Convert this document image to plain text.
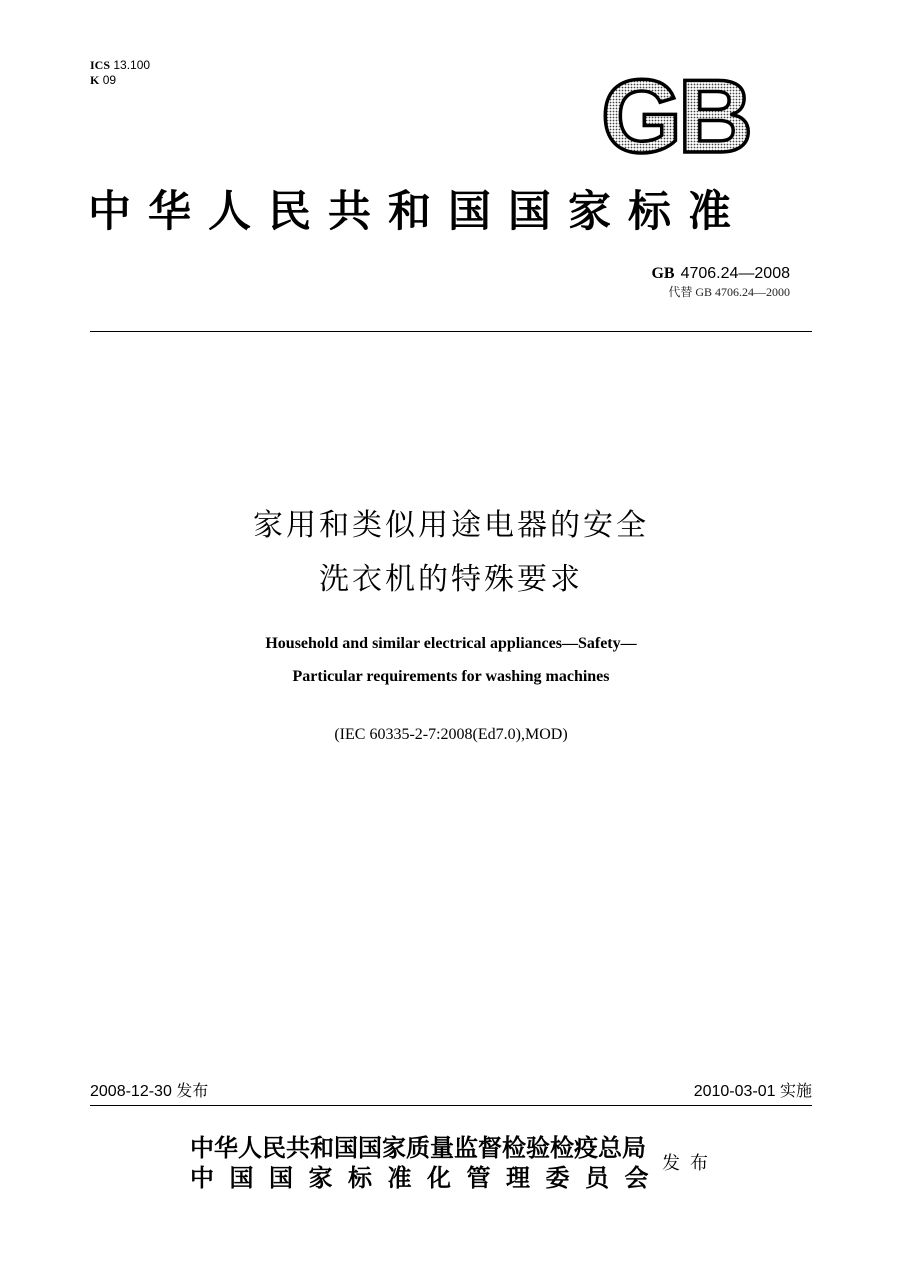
ICS 13.100
K 09	GB
中华人民共和国国家标准
GB 4706.24—2008
代替 GB 4706.24—2000
家用和类似用途电器的安全
洗衣机的特殊要求
Household and similar electrical appliances—Safety—
Particular requirements for washing machines
(IEC 60335-2-7:2008(Ed7.0),MOD)
2008-12-30 发布	2010-03-01 实施
中华人民共和国国家质量监督检验检疫总局
中国国家标准化管理委员会
发布
